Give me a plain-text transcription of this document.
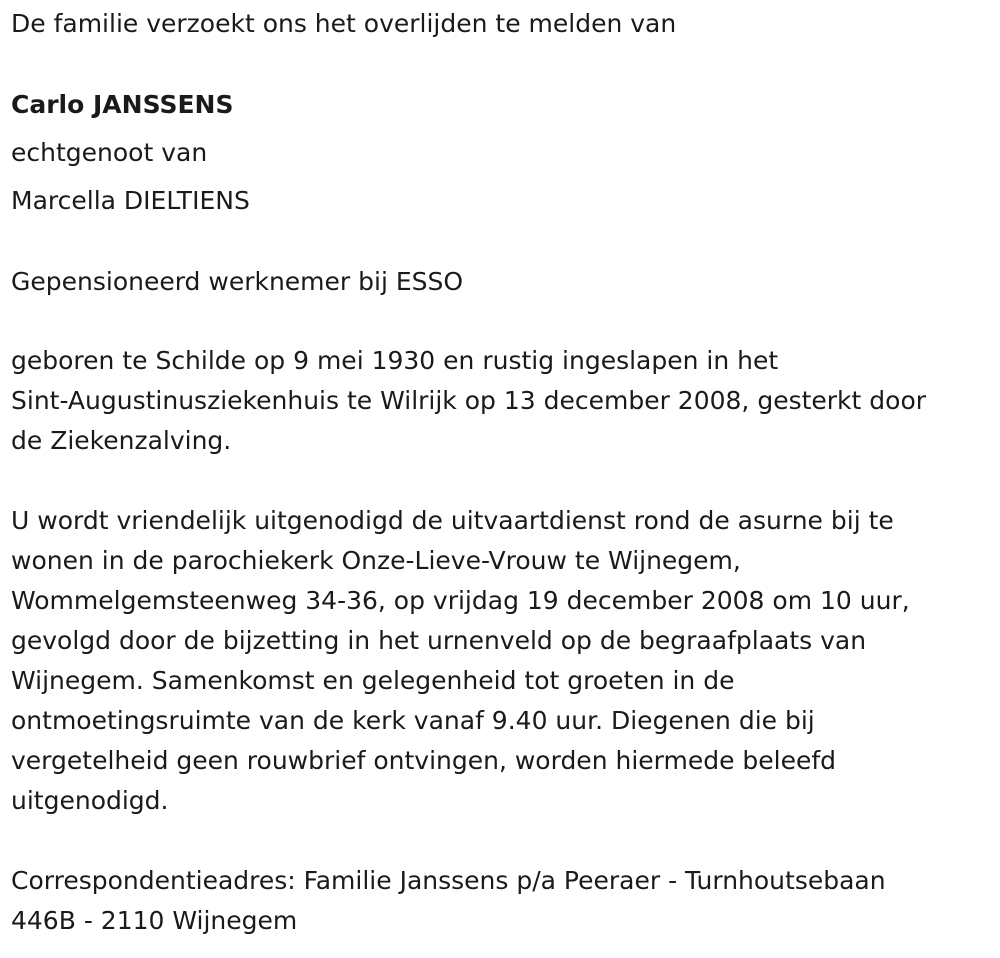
De familie verzoekt ons het overlijden te melden van
Carlo JANSSENS
echtgenoot van
Marcella DIELTIENS
Gepensioneerd werknemer bij ESSO
geboren te Schilde op 9 mei 1930 en rustig ingeslapen in het
Sint-Augustinusziekenhuis te Wilrijk op 13 december 2008, gesterkt door
de Ziekenzalving.
U wordt vriendelijk uitgenodigd de uitvaartdienst rond de asurne bij te
wonen in de parochiekerk Onze-Lieve-Vrouw te Wijnegem,
Wommelgemsteenweg 34-36, op vrijdag 19 december 2008 om 10 uur,
gevolgd door de bijzetting in het urnenveld op de begraafplaats van
Wijnegem. Samenkomst en gelegenheid tot groeten in de
ontmoetingsruimte van de kerk vanaf 9.40 uur. Diegenen die bij
vergetelheid geen rouwbrief ontvingen, worden hiermede beleefd
uitgenodigd.
Correspondentieadres: Familie Janssens p/a Peeraer - Turnhoutsebaan
446B - 2110 Wijnegem
